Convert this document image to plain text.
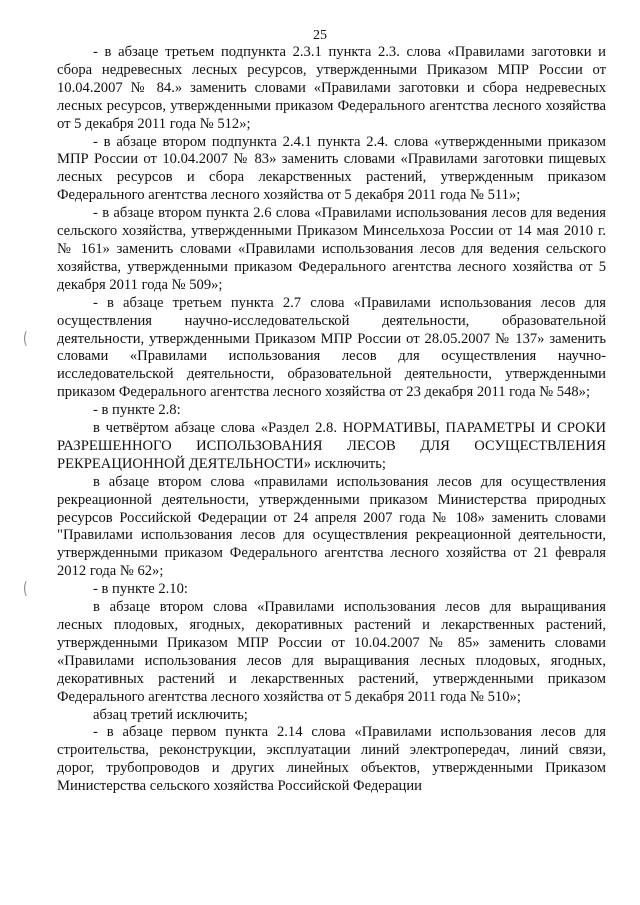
25

- в абзаце третьем подпункта 2.3.1 пункта 2.3. слова «Правилами заготовки и сбора недревесных лесных ресурсов, утвержденными Приказом МПР России от 10.04.2007 № 84.» заменить словами «Правилами заготовки и сбора недревесных лесных ресурсов, утвержденными приказом Федерального агентства лесного хозяйства от 5 декабря 2011 года № 512»;

- в абзаце втором подпункта 2.4.1 пункта 2.4. слова «утвержденными приказом МПР России от 10.04.2007 № 83» заменить словами «Правилами заготовки пищевых лесных ресурсов и сбора лекарственных растений, утвержденным приказом Федерального агентства лесного хозяйства от 5 декабря 2011 года № 511»;

- в абзаце втором пункта 2.6 слова «Правилами использования лесов для ведения сельского хозяйства, утвержденными Приказом Минсельхоза России от 14 мая 2010 г. № 161» заменить словами «Правилами использования лесов для ведения сельского хозяйства, утвержденными приказом Федерального агентства лесного хозяйства от 5 декабря 2011 года № 509»;

- в абзаце третьем пункта 2.7 слова «Правилами использования лесов для осуществления научно-исследовательской деятельности, образовательной деятельности, утвержденными Приказом МПР России от 28.05.2007 № 137» заменить словами «Правилами использования лесов для осуществления научно-исследовательской деятельности, образовательной деятельности, утвержденными приказом Федерального агентства лесного хозяйства от 23 декабря 2011 года № 548»;

- в пункте 2.8:

в четвёртом абзаце слова «Раздел 2.8. НОРМАТИВЫ, ПАРАМЕТРЫ И СРОКИ РАЗРЕШЕННОГО ИСПОЛЬЗОВАНИЯ ЛЕСОВ ДЛЯ ОСУЩЕСТВЛЕНИЯ РЕКРЕАЦИОННОЙ ДЕЯТЕЛЬНОСТИ» исключить;

в абзаце втором слова «правилами использования лесов для осуществления рекреационной деятельности, утвержденными приказом Министерства природных ресурсов Российской Федерации от 24 апреля 2007 года № 108» заменить словами "Правилами использования лесов для осуществления рекреационной деятельности, утвержденными приказом Федерального агентства лесного хозяйства от 21 февраля 2012 года № 62»;

- в пункте 2.10:

в абзаце втором слова «Правилами использования лесов для выращивания лесных плодовых, ягодных, декоративных растений и лекарственных растений, утвержденными Приказом МПР России от 10.04.2007 № 85» заменить словами «Правилами использования лесов для выращивания лесных плодовых, ягодных, декоративных растений и лекарственных растений, утвержденными приказом Федерального агентства лесного хозяйства от 5 декабря 2011 года № 510»;

абзац третий исключить;

- в абзаце первом пункта 2.14 слова «Правилами использования лесов для строительства, реконструкции, эксплуатации линий электропередач, линий связи, дорог, трубопроводов и других линейных объектов, утвержденными Приказом Министерства сельского хозяйства Российской Федерации

(
(
